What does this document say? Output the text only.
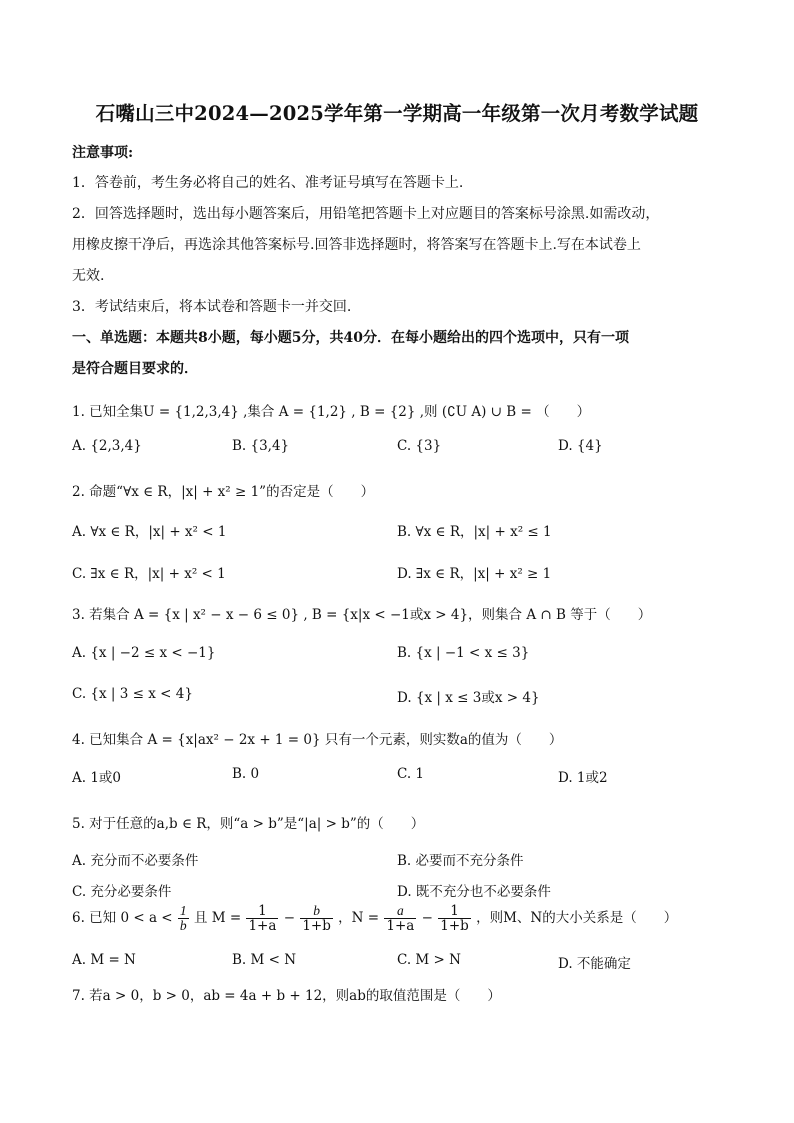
石嘴山三中2024—2025学年第一学期高一年级第一次月考数学试题
注意事项:
1．答卷前，考生务必将自己的姓名、准考证号填写在答题卡上.
2．回答选择题时，选出每小题答案后，用铅笔把答题卡上对应题目的答案标号涂黑.如需改动，
用橡皮擦干净后，再选涂其他答案标号.回答非选择题时，将答案写在答题卡上.写在本试卷上
无效.
3．考试结束后，将本试卷和答题卡一并交回.
一、单选题：本题共8小题，每小题5分，共40分．在每小题给出的四个选项中，只有一项
是符合题目要求的．
1. 已知全集U = {1,2,3,4} ,集合 A = {1,2} , B = {2} ,则 (∁U A) ∪ B = （　　）
A. {2,3,4}	B. {3,4}	C. {3}	D. {4}
2. 命题“∀x ∈ R，|x| + x² ≥ 1”的否定是（　　）
A. ∀x ∈ R，|x| + x² < 1	B. ∀x ∈ R，|x| + x² ≤ 1
C. ∃x ∈ R，|x| + x² < 1	D. ∃x ∈ R，|x| + x² ≥ 1
3. 若集合 A = {x | x² − x − 6 ≤ 0} , B = {x|x < −1或x > 4}，则集合 A ∩ B 等于（　　）
A. {x | −2 ≤ x < −1}	B. {x | −1 < x ≤ 3}
C. {x | 3 ≤ x < 4}	D. {x | x ≤ 3或x > 4}
4. 已知集合 A = {x|ax² − 2x + 1 = 0} 只有一个元素，则实数a的值为（　　）
A. 1或0	B. 0	C. 1	D. 1或2
5. 对于任意的a,b ∈ R，则“a > b”是“|a| > b”的（　　）
A. 充分而不必要条件	B. 必要而不充分条件
C. 充分必要条件	D. 既不充分也不必要条件
6. 已知 $0 < a < \frac{1}{b}$ 且 $M = \frac{1}{1+a} - \frac{b}{1+b}$ ，$N = \frac{a}{1+a} - \frac{1}{1+b}$ ，则M、N的大小关系是（　　）
A. M = N	B. M < N	C. M > N	D. 不能确定
7. 若a > 0，b > 0，ab = 4a + b + 12，则ab的取值范围是（　　）
